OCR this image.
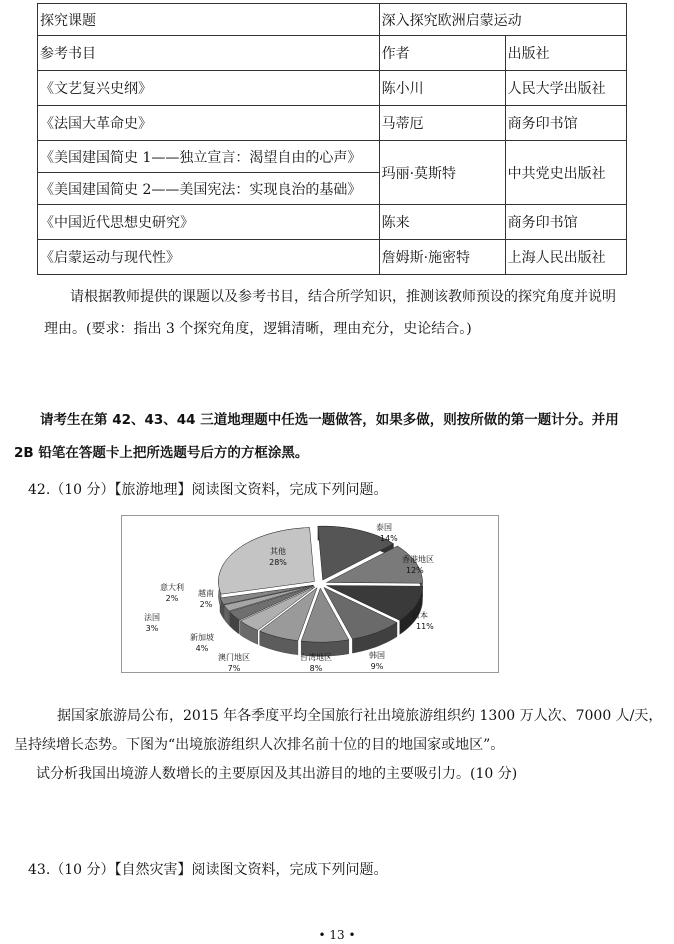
探究课题	深入探究欧洲启蒙运动	
参考书目	作者	出版社
《文艺复兴史纲》	陈小川	人民大学出版社
《法国大革命史》	马蒂厄	商务印书馆
《美国建国简史 1——独立宣言：渴望自由的心声》	玛丽·莫斯特	中共党史出版社
《美国建国简史 2——美国宪法：实现良治的基础》		
《中国近代思想史研究》	陈来	商务印书馆
《启蒙运动与现代性》	詹姆斯·施密特	上海人民出版社
请根据教师提供的课题以及参考书目，结合所学知识，推测该教师预设的探究角度并说明
理由。(要求：指出 3 个探究角度，逻辑清晰，理由充分，史论结合。)
请考生在第 42、43、44 三道地理题中任选一题做答，如果多做，则按所做的第一题计分。并用
2B 铅笔在答题卡上把所选题号后方的方框涂黑。
42.（10 分）【旅游地理】阅读图文资料，完成下列问题。
泰国
14%
香港地区
12%
日本
11%
韩国
9%
台湾地区
8%
澳门地区
7%
新加坡
4%
法国
3%
意大利
2%
越南
2%
其他
28%
据国家旅游局公布，2015 年各季度平均全国旅行社出境旅游组织约 1300 万人次、7000 人/天，
呈持续增长态势。下图为“出境旅游组织人次排名前十位的目的地国家或地区”。
试分析我国出境游人数增长的主要原因及其出游目的地的主要吸引力。(10 分)
43.（10 分）【自然灾害】阅读图文资料，完成下列问题。
• 13 •
